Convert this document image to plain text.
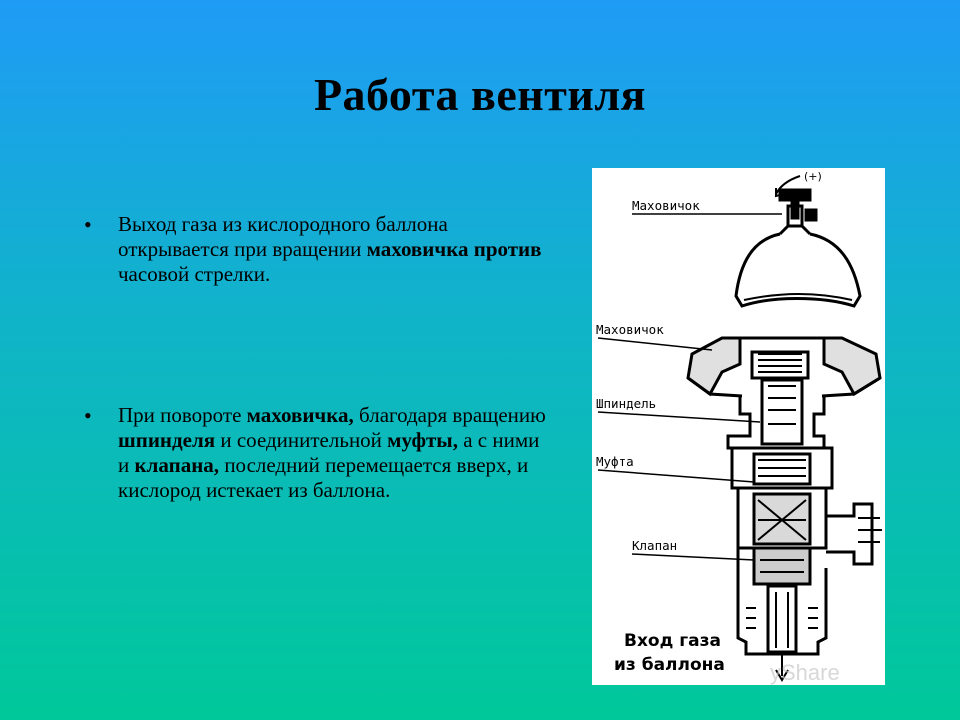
Работа вентиля
• Выход газа из кислородного баллона открывается при вращении маховичка против часовой стрелки.
• При повороте маховичка, благодаря вращению шпинделя и соединительной муфты, а с ними и клапана, последний перемещается вверх, и кислород истекает из баллона.
(+)
Маховичок
Маховичок
Шпиндель
Муфта
Клапан
Вход газа
из баллона yShare
